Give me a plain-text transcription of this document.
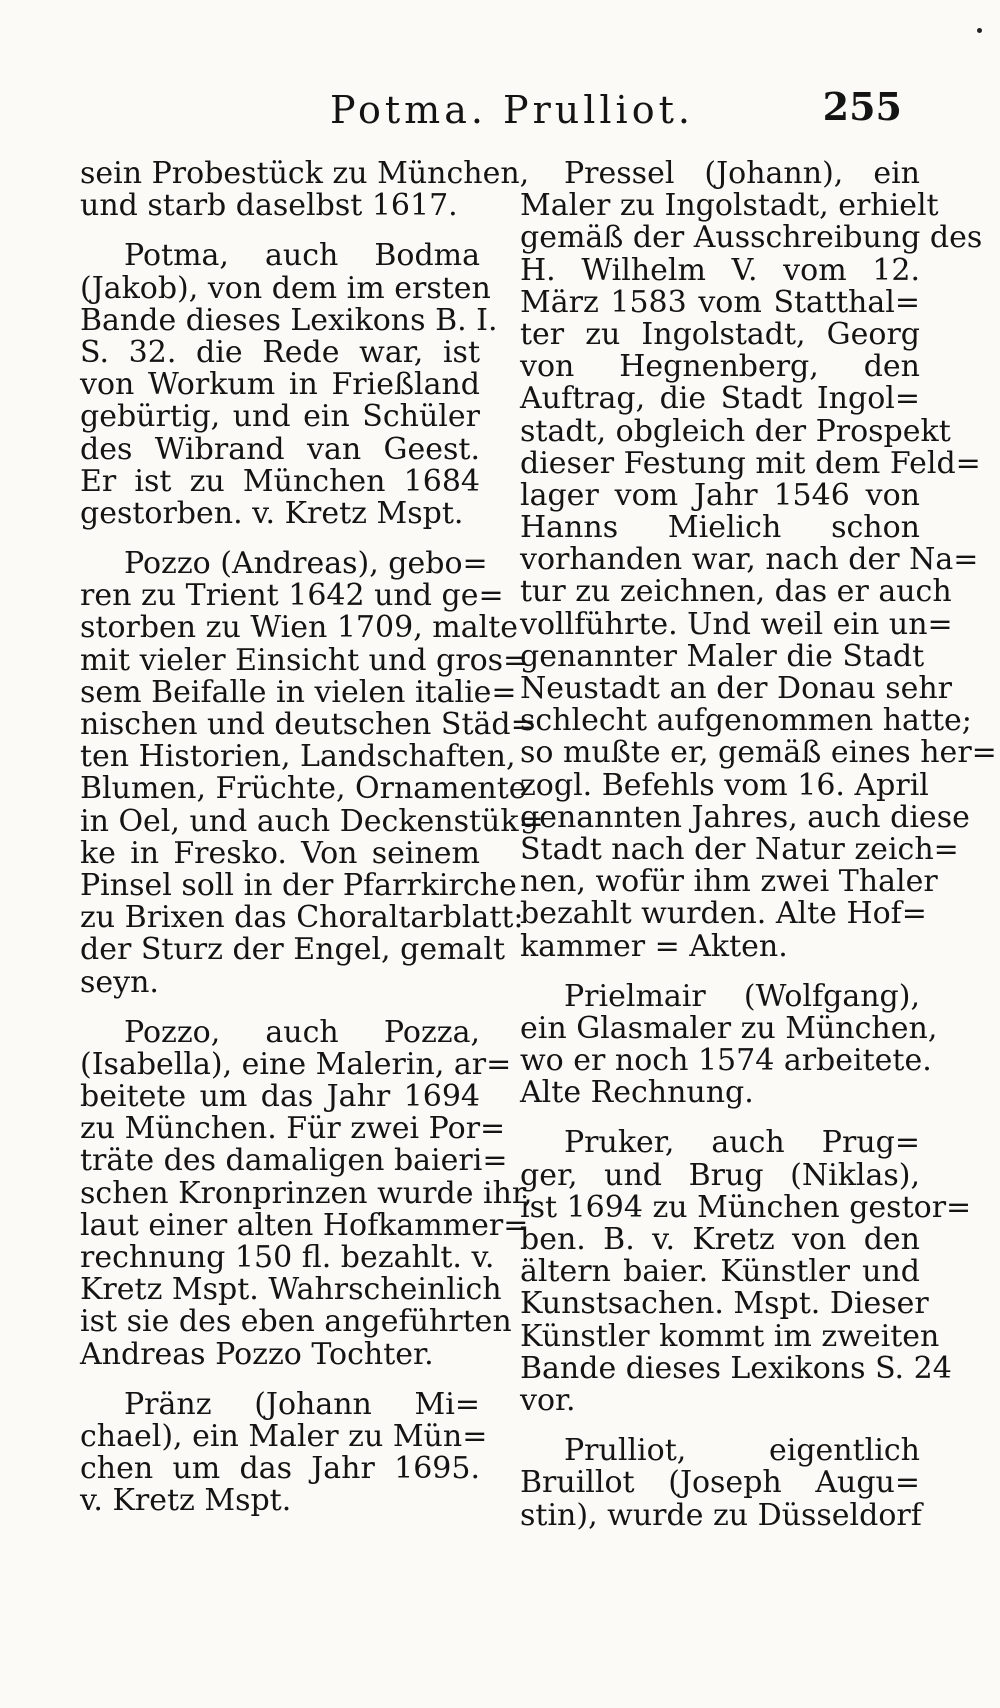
Potma. Prulliot.	255
sein Probestück zu München,
und starb daselbst 1617.
Potma, auch Bodma
(Jakob), von dem im ersten
Bande dieses Lexikons B. I.
S. 32. die Rede war, ist
von Workum in Frießland
gebürtig, und ein Schüler
des Wibrand van Geest.
Er ist zu München 1684
gestorben. v. Kretz Mspt.
Pozzo (Andreas), gebo=
ren zu Trient 1642 und ge=
storben zu Wien 1709, malte
mit vieler Einsicht und gros=
sem Beifalle in vielen italie=
nischen und deutschen Städ=
ten Historien, Landschaften,
Blumen, Früchte, Ornamente
in Oel, und auch Deckenstük=
ke in Fresko. Von seinem
Pinsel soll in der Pfarrkirche
zu Brixen das Choraltarblatt:
der Sturz der Engel, gemalt
seyn.
Pozzo, auch Pozza,
(Isabella), eine Malerin, ar=
beitete um das Jahr 1694
zu München. Für zwei Por=
träte des damaligen baieri=
schen Kronprinzen wurde ihr,
laut einer alten Hofkammer=
rechnung 150 fl. bezahlt. v.
Kretz Mspt. Wahrscheinlich
ist sie des eben angeführten
Andreas Pozzo Tochter.
Pränz (Johann Mi=
chael), ein Maler zu Mün=
chen um das Jahr 1695.
v. Kretz Mspt.
Pressel (Johann), ein
Maler zu Ingolstadt, erhielt
gemäß der Ausschreibung des
H. Wilhelm V. vom 12.
März 1583 vom Statthal=
ter zu Ingolstadt, Georg
von Hegnenberg, den
Auftrag, die Stadt Ingol=
stadt, obgleich der Prospekt
dieser Festung mit dem Feld=
lager vom Jahr 1546 von
Hanns Mielich schon
vorhanden war, nach der Na=
tur zu zeichnen, das er auch
vollführte. Und weil ein un=
genannter Maler die Stadt
Neustadt an der Donau sehr
schlecht aufgenommen hatte;
so mußte er, gemäß eines her=
zogl. Befehls vom 16. April
genannten Jahres, auch diese
Stadt nach der Natur zeich=
nen, wofür ihm zwei Thaler
bezahlt wurden. Alte Hof=
kammer = Akten.
Prielmair (Wolfgang),
ein Glasmaler zu München,
wo er noch 1574 arbeitete.
Alte Rechnung.
Pruker, auch Prug=
ger, und Brug (Niklas),
ist 1694 zu München gestor=
ben. B. v. Kretz von den
ältern baier. Künstler und
Kunstsachen. Mspt. Dieser
Künstler kommt im zweiten
Bande dieses Lexikons S. 24
vor.
Prulliot, eigentlich
Bruillot (Joseph Augu=
stin), wurde zu Düsseldorf
